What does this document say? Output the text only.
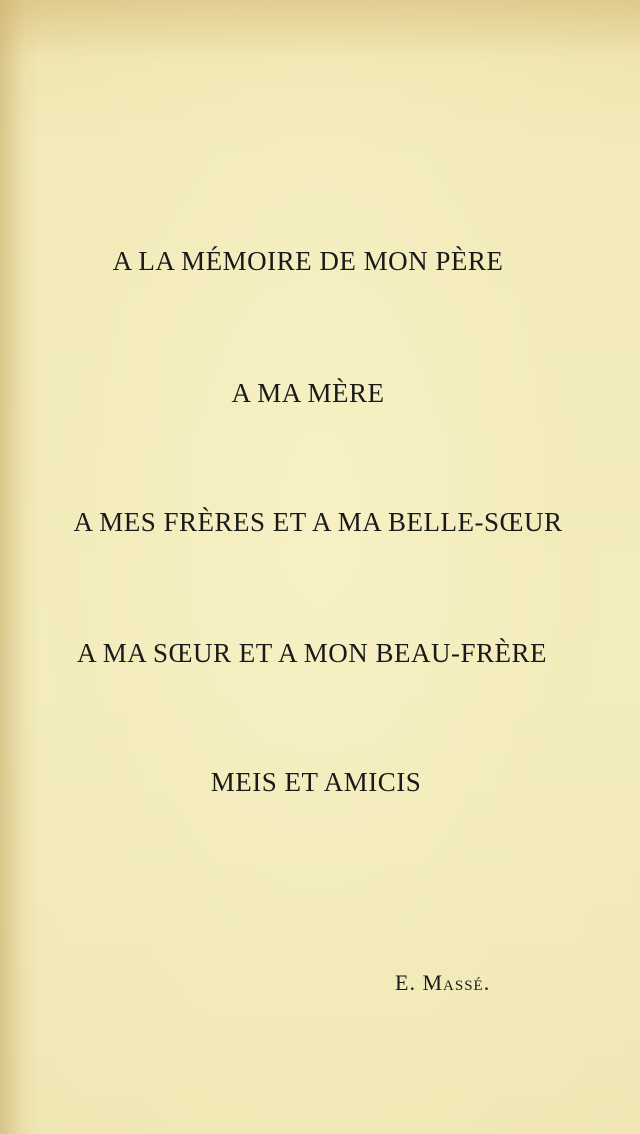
A LA MÉMOIRE DE MON PÈRE
A MA MÈRE
A MES FRÈRES ET A MA BELLE-SŒUR
A MA SŒUR ET A MON BEAU-FRÈRE
MEIS ET AMICIS
E. Massé.
